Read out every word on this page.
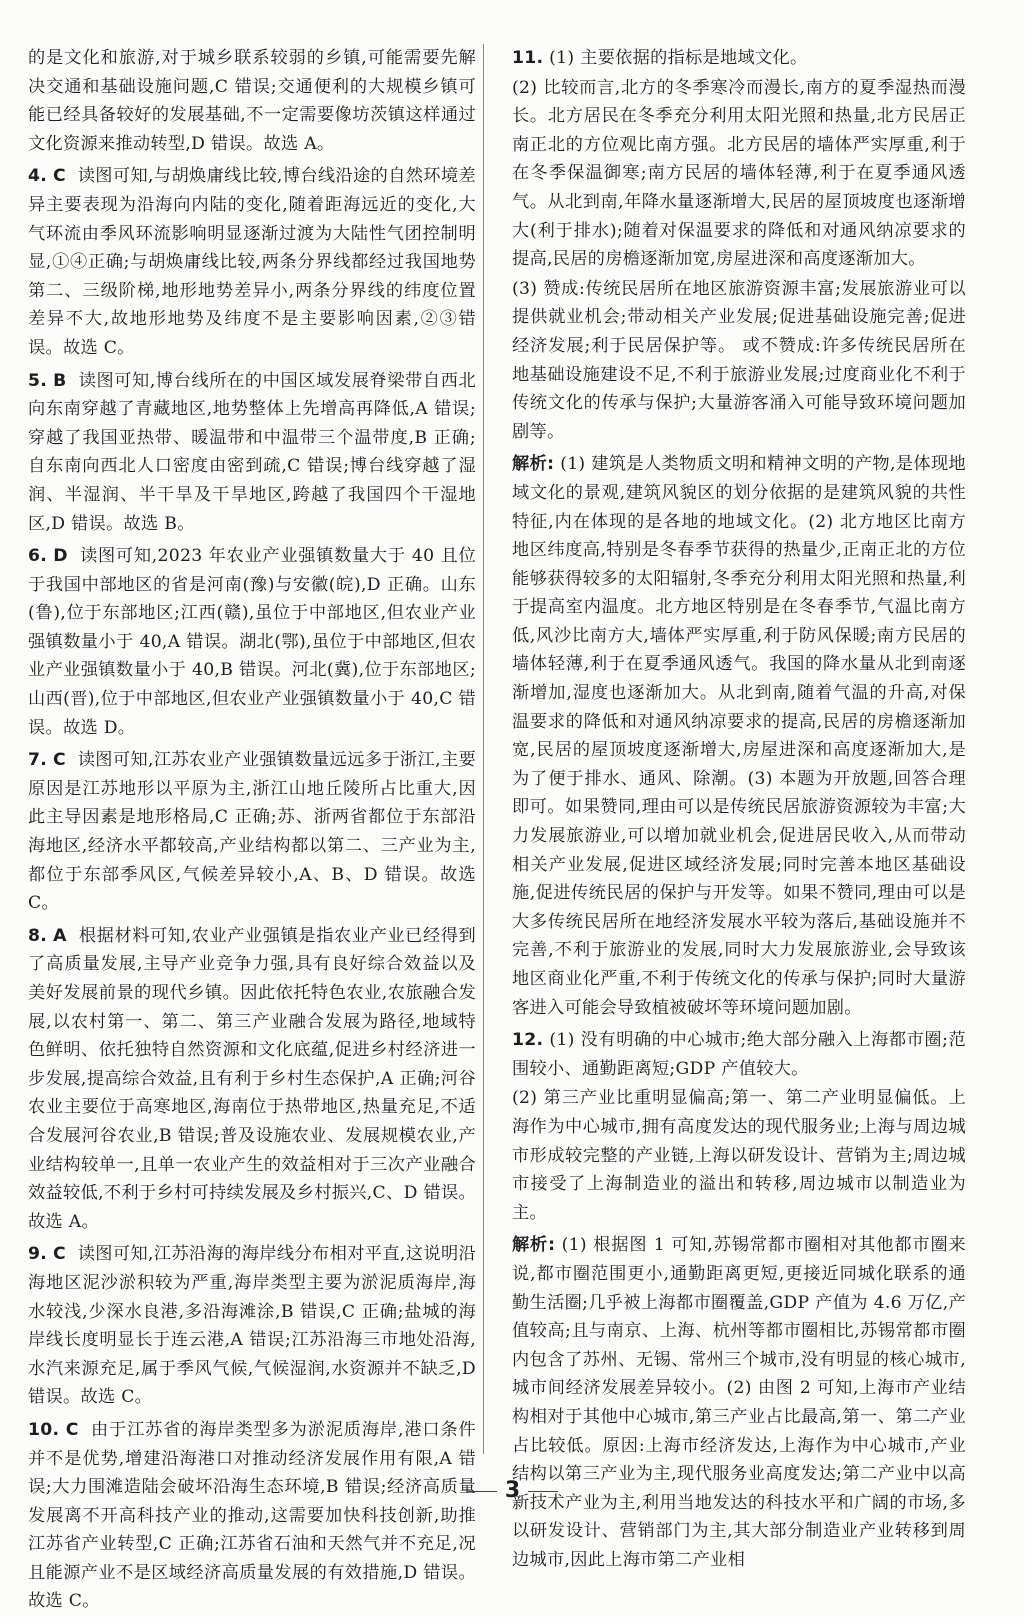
的是文化和旅游,对于城乡联系较弱的乡镇,可能需要先解决交通和基础设施问题,C 错误;交通便利的大规模乡镇可能已经具备较好的发展基础,不一定需要像坊茨镇这样通过文化资源来推动转型,D 错误。故选 A。

4. C 读图可知,与胡焕庸线比较,博台线沿途的自然环境差异主要表现为沿海向内陆的变化,随着距海远近的变化,大气环流由季风环流影响明显逐渐过渡为大陆性气团控制明显,①④正确;与胡焕庸线比较,两条分界线都经过我国地势第二、三级阶梯,地形地势差异小,两条分界线的纬度位置差异不大,故地形地势及纬度不是主要影响因素,②③错误。故选 C。

5. B 读图可知,博台线所在的中国区域发展脊梁带自西北向东南穿越了青藏地区,地势整体上先增高再降低,A 错误;穿越了我国亚热带、暖温带和中温带三个温带度,B 正确;自东南向西北人口密度由密到疏,C 错误;博台线穿越了湿润、半湿润、半干旱及干旱地区,跨越了我国四个干湿地区,D 错误。故选 B。

6. D 读图可知,2023 年农业产业强镇数量大于 40 且位于我国中部地区的省是河南(豫)与安徽(皖),D 正确。山东(鲁),位于东部地区;江西(赣),虽位于中部地区,但农业产业强镇数量小于 40,A 错误。湖北(鄂),虽位于中部地区,但农业产业强镇数量小于 40,B 错误。河北(冀),位于东部地区;山西(晋),位于中部地区,但农业产业强镇数量小于 40,C 错误。故选 D。

7. C 读图可知,江苏农业产业强镇数量远远多于浙江,主要原因是江苏地形以平原为主,浙江山地丘陵所占比重大,因此主导因素是地形格局,C 正确;苏、浙两省都位于东部沿海地区,经济水平都较高,产业结构都以第二、三产业为主,都位于东部季风区,气候差异较小,A、B、D 错误。故选 C。

8. A 根据材料可知,农业产业强镇是指农业产业已经得到了高质量发展,主导产业竞争力强,具有良好综合效益以及美好发展前景的现代乡镇。因此依托特色农业,农旅融合发展,以农村第一、第二、第三产业融合发展为路径,地域特色鲜明、依托独特自然资源和文化底蕴,促进乡村经济进一步发展,提高综合效益,且有利于乡村生态保护,A 正确;河谷农业主要位于高寒地区,海南位于热带地区,热量充足,不适合发展河谷农业,B 错误;普及设施农业、发展规模农业,产业结构较单一,且单一农业产生的效益相对于三次产业融合效益较低,不利于乡村可持续发展及乡村振兴,C、D 错误。故选 A。

9. C 读图可知,江苏沿海的海岸线分布相对平直,这说明沿海地区泥沙淤积较为严重,海岸类型主要为淤泥质海岸,海水较浅,少深水良港,多沿海滩涂,B 错误,C 正确;盐城的海岸线长度明显长于连云港,A 错误;江苏沿海三市地处沿海,水汽来源充足,属于季风气候,气候湿润,水资源并不缺乏,D 错误。故选 C。

10. C 由于江苏省的海岸类型多为淤泥质海岸,港口条件并不是优势,增建沿海港口对推动经济发展作用有限,A 错误;大力围滩造陆会破坏沿海生态环境,B 错误;经济高质量发展离不开高科技产业的推动,这需要加快科技创新,助推江苏省产业转型,C 正确;江苏省石油和天然气并不充足,况且能源产业不是区域经济高质量发展的有效措施,D 错误。故选 C。

11. (1) 主要依据的指标是地域文化。

(2) 比较而言,北方的冬季寒冷而漫长,南方的夏季湿热而漫长。北方居民在冬季充分利用太阳光照和热量,北方民居正南正北的方位观比南方强。北方民居的墙体严实厚重,利于在冬季保温御寒;南方民居的墙体轻薄,利于在夏季通风透气。从北到南,年降水量逐渐增大,民居的屋顶坡度也逐渐增大(利于排水);随着对保温要求的降低和对通风纳凉要求的提高,民居的房檐逐渐加宽,房屋进深和高度逐渐加大。

(3) 赞成:传统民居所在地区旅游资源丰富;发展旅游业可以提供就业机会;带动相关产业发展;促进基础设施完善;促进经济发展;利于民居保护等。 或不赞成:许多传统民居所在地基础设施建设不足,不利于旅游业发展;过度商业化不利于传统文化的传承与保护;大量游客涌入可能导致环境问题加剧等。

解析: (1) 建筑是人类物质文明和精神文明的产物,是体现地域文化的景观,建筑风貌区的划分依据的是建筑风貌的共性特征,内在体现的是各地的地域文化。(2) 北方地区比南方地区纬度高,特别是冬春季节获得的热量少,正南正北的方位能够获得较多的太阳辐射,冬季充分利用太阳光照和热量,利于提高室内温度。北方地区特别是在冬春季节,气温比南方低,风沙比南方大,墙体严实厚重,利于防风保暖;南方民居的墙体轻薄,利于在夏季通风透气。我国的降水量从北到南逐渐增加,湿度也逐渐加大。从北到南,随着气温的升高,对保温要求的降低和对通风纳凉要求的提高,民居的房檐逐渐加宽,民居的屋顶坡度逐渐增大,房屋进深和高度逐渐加大,是为了便于排水、通风、除潮。(3) 本题为开放题,回答合理即可。如果赞同,理由可以是传统民居旅游资源较为丰富;大力发展旅游业,可以增加就业机会,促进居民收入,从而带动相关产业发展,促进区域经济发展;同时完善本地区基础设施,促进传统民居的保护与开发等。如果不赞同,理由可以是大多传统民居所在地经济发展水平较为落后,基础设施并不完善,不利于旅游业的发展,同时大力发展旅游业,会导致该地区商业化严重,不利于传统文化的传承与保护;同时大量游客进入可能会导致植被破坏等环境问题加剧。

12. (1) 没有明确的中心城市;绝大部分融入上海都市圈;范围较小、通勤距离短;GDP 产值较大。

(2) 第三产业比重明显偏高;第一、第二产业明显偏低。上海作为中心城市,拥有高度发达的现代服务业;上海与周边城市形成较完整的产业链,上海以研发设计、营销为主;周边城市接受了上海制造业的溢出和转移,周边城市以制造业为主。

解析: (1) 根据图 1 可知,苏锡常都市圈相对其他都市圈来说,都市圈范围更小,通勤距离更短,更接近同城化联系的通勤生活圈;几乎被上海都市圈覆盖,GDP 产值为 4.6 万亿,产值较高;且与南京、上海、杭州等都市圈相比,苏锡常都市圈内包含了苏州、无锡、常州三个城市,没有明显的核心城市,城市间经济发展差异较小。(2) 由图 2 可知,上海市产业结构相对于其他中心城市,第三产业占比最高,第一、第二产业占比较低。原因:上海市经济发达,上海作为中心城市,产业结构以第三产业为主,现代服务业高度发达;第二产业中以高新技术产业为主,利用当地发达的科技水平和广阔的市场,多以研发设计、营销部门为主,其大部分制造业产业转移到周边城市,因此上海市第二产业相

3
